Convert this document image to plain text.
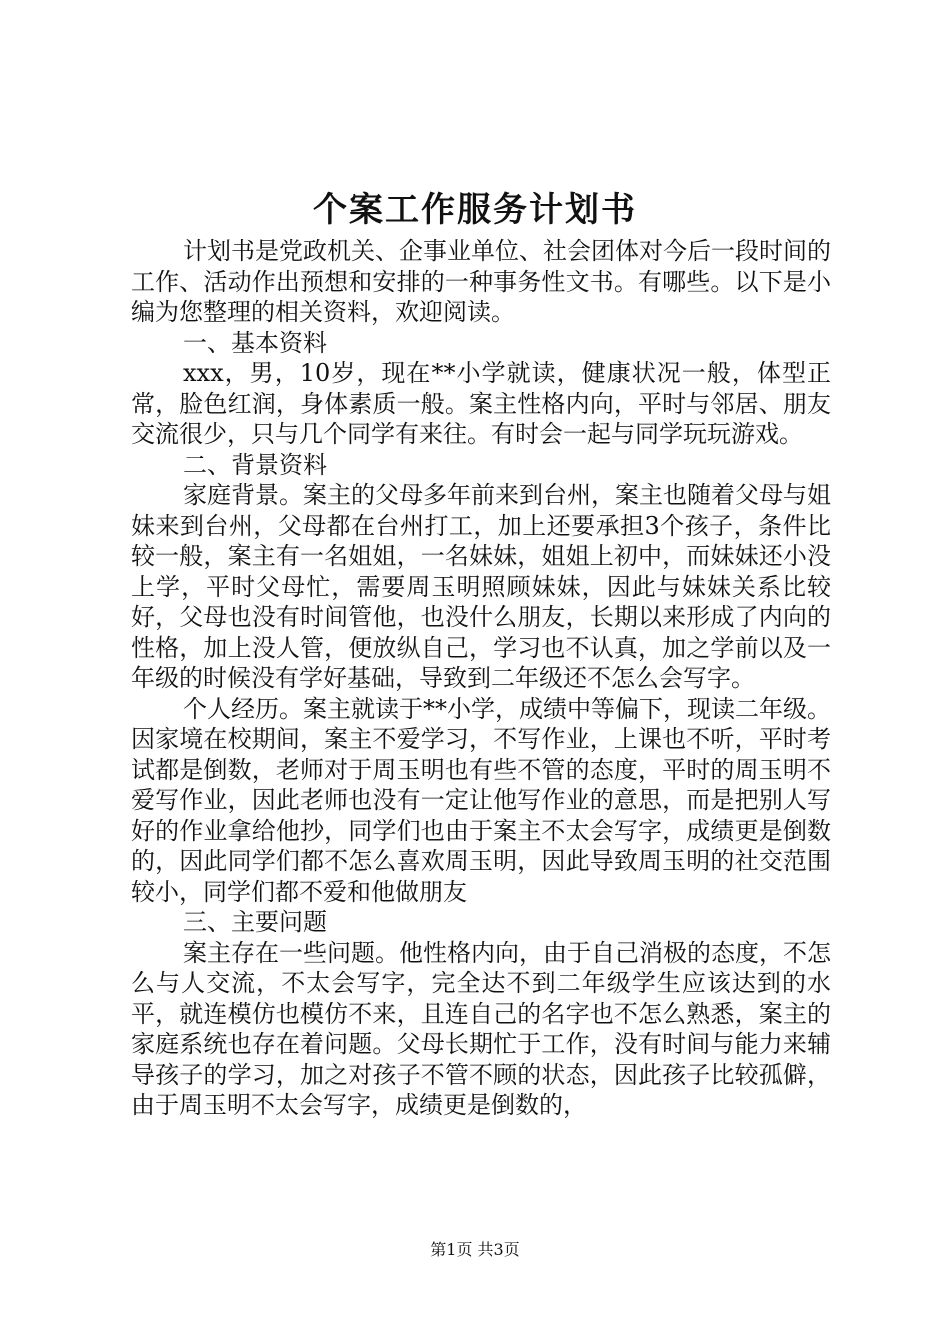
个案工作服务计划书

计划书是党政机关、企事业单位、社会团体对今后一段时间的工作、活动作出预想和安排的一种事务性文书。有哪些。以下是小编为您整理的相关资料，欢迎阅读。

一、基本资料

xxx，男，10岁，现在**小学就读，健康状况一般，体型正常，脸色红润，身体素质一般。案主性格内向，平时与邻居、朋友交流很少，只与几个同学有来往。有时会一起与同学玩玩游戏。

二、背景资料

家庭背景。案主的父母多年前来到台州，案主也随着父母与姐妹来到台州，父母都在台州打工，加上还要承担3个孩子，条件比较一般，案主有一名姐姐，一名妹妹，姐姐上初中，而妹妹还小没上学，平时父母忙，需要周玉明照顾妹妹，因此与妹妹关系比较好，父母也没有时间管他，也没什么朋友，长期以来形成了内向的性格，加上没人管，便放纵自己，学习也不认真，加之学前以及一年级的时候没有学好基础，导致到二年级还不怎么会写字。

个人经历。案主就读于**小学，成绩中等偏下，现读二年级。因家境在校期间，案主不爱学习，不写作业，上课也不听，平时考试都是倒数，老师对于周玉明也有些不管的态度，平时的周玉明不爱写作业，因此老师也没有一定让他写作业的意思，而是把别人写好的作业拿给他抄，同学们也由于案主不太会写字，成绩更是倒数的，因此同学们都不怎么喜欢周玉明，因此导致周玉明的社交范围较小，同学们都不爱和他做朋友

三、主要问题

案主存在一些问题。他性格内向，由于自己消极的态度，不怎么与人交流，不太会写字，完全达不到二年级学生应该达到的水平，就连模仿也模仿不来，且连自己的名字也不怎么熟悉，案主的家庭系统也存在着问题。父母长期忙于工作，没有时间与能力来辅导孩子的学习，加之对孩子不管不顾的状态，因此孩子比较孤僻，由于周玉明不太会写字，成绩更是倒数的，

第1页 共3页
